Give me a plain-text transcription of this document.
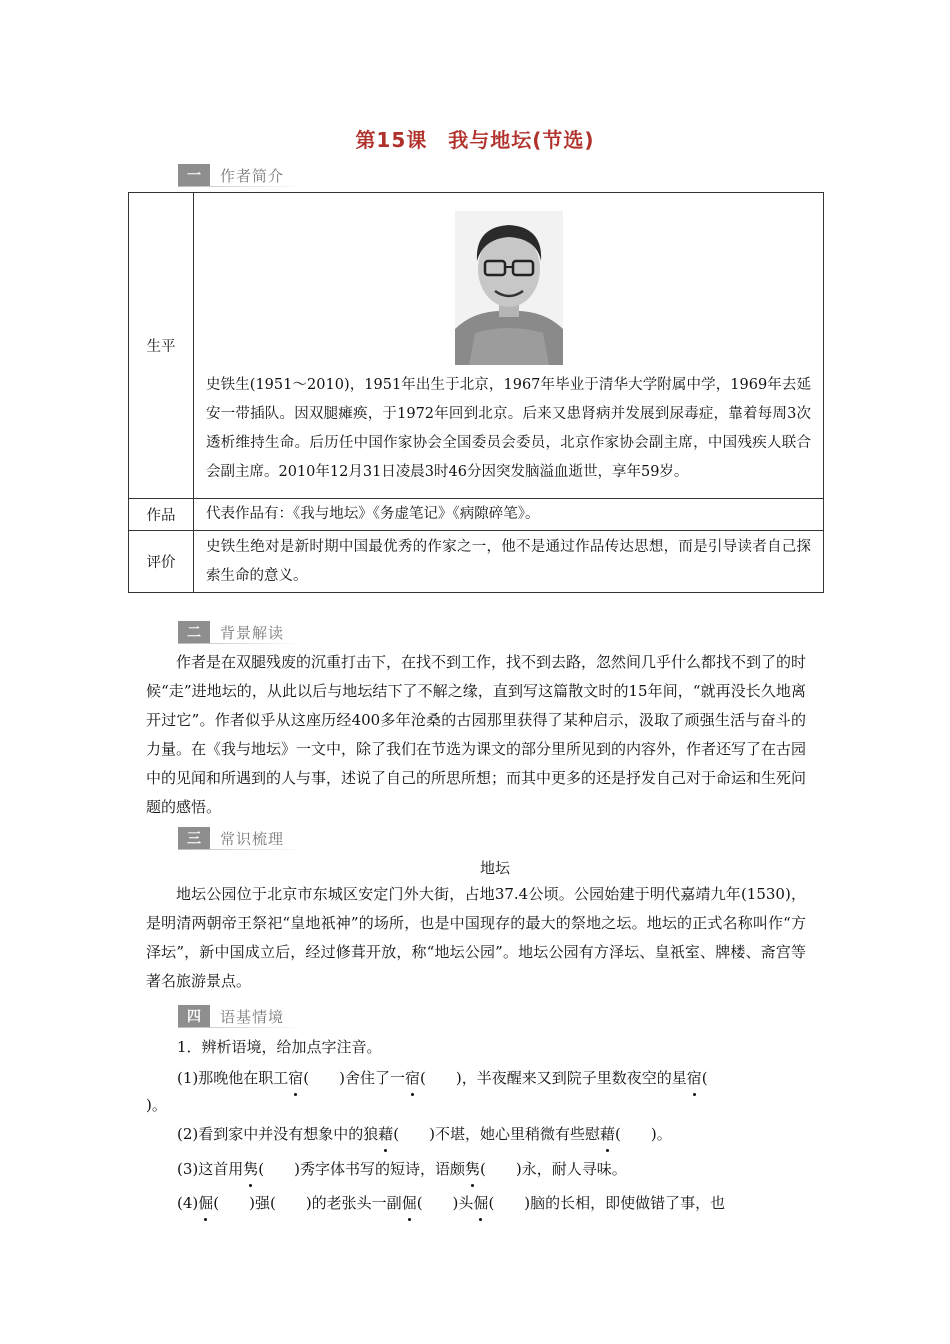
第15课　我与地坛(节选)
一	作者简介
生平	史铁生(1951～2010)，1951年出生于北京，1967年毕业于清华大学附属中学，1969年去延安一带插队。因双腿瘫痪，于1972年回到北京。后来又患肾病并发展到尿毒症，靠着每周3次透析维持生命。后历任中国作家协会全国委员会委员，北京作家协会副主席，中国残疾人联合会副主席。2010年12月31日凌晨3时46分因突发脑溢血逝世，享年59岁。

作品	代表作品有：《我与地坛》《务虚笔记》《病隙碎笔》。
评价	史铁生绝对是新时期中国最优秀的作家之一，他不是通过作品传达思想，而是引导读者自己探索生命的意义。
二	背景解读
作者是在双腿残废的沉重打击下，在找不到工作，找不到去路，忽然间几乎什么都找不到了的时候“走”进地坛的，从此以后与地坛结下了不解之缘，直到写这篇散文时的15年间，“就再没长久地离开过它”。作者似乎从这座历经400多年沧桑的古园那里获得了某种启示，汲取了顽强生活与奋斗的力量。在《我与地坛》一文中，除了我们在节选为课文的部分里所见到的内容外，作者还写了在古园中的见闻和所遇到的人与事，述说了自己的所思所想；而其中更多的还是抒发自己对于命运和生死问题的感悟。
三	常识梳理
地坛
地坛公园位于北京市东城区安定门外大街，占地37.4公顷。公园始建于明代嘉靖九年(1530)，是明清两朝帝王祭祀“皇地祇神”的场所，也是中国现存的最大的祭地之坛。地坛的正式名称叫作“方泽坛”，新中国成立后，经过修葺开放，称“地坛公园”。地坛公园有方泽坛、皇祇室、牌楼、斋宫等著名旅游景点。
四	语基情境
1．辨析语境，给加点字注音。
(1)那晚他在职工宿(　　)舍住了一宿(　　)，半夜醒来又到院子里数夜空的星宿(
)。
(2)看到家中并没有想象中的狼藉(　　)不堪，她心里稍微有些慰藉(　　)。
(3)这首用隽(　　)秀字体书写的短诗，语颇隽(　　)永，耐人寻味。
(4)倔(　　)强(　　)的老张头一副倔(　　)头倔(　　)脑的长相，即使做错了事，也
